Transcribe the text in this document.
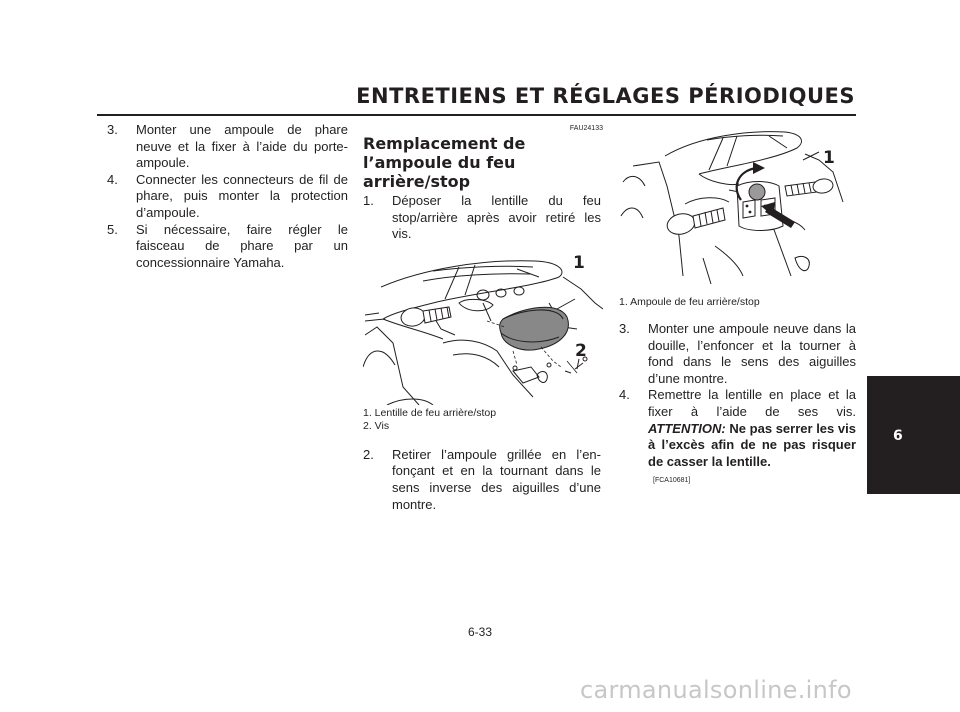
ENTRETIENS ET RÉGLAGES PÉRIODIQUES
6
3. Monter une ampoule de phare neuve et la fixer à l’aide du porte-ampoule.
4. Connecter les connecteurs de fil de phare, puis monter la protection d’ampoule.
5. Si nécessaire, faire régler le faisceau de phare par un concessionnaire Yamaha.
FAU24133
Remplacement de l’ampoule du feu arrière/stop
1. Déposer la lentille du feu stop/arrière après avoir retiré les vis.
1
2
1. Lentille de feu arrière/stop
2. Vis
2. Retirer l’ampoule grillée en l’enfonçant et en la tournant dans le sens inverse des aiguilles d’une montre.
1
1. Ampoule de feu arrière/stop
3. Monter une ampoule neuve dans la douille, l’enfoncer et la tourner à fond dans le sens des aiguilles d’une montre.
4. Remettre la lentille en place et la fixer à l’aide de ses vis. ATTENTION: Ne pas serrer les vis à l’excès afin de ne pas risquer de casser la lentille.
[FCA10681]
6-33
carmanualsonline.info
